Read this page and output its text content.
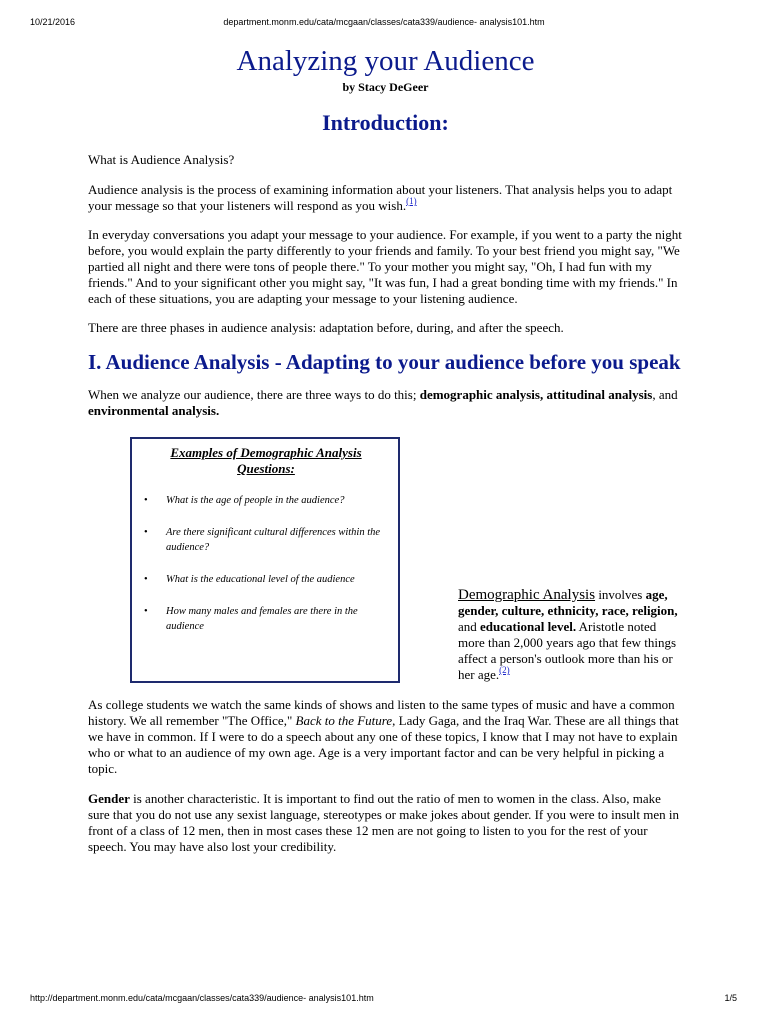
10/21/2016	department.monm.edu/cata/mcgaan/classes/cata339/audience- analysis101.htm
Analyzing your Audience
by Stacy DeGeer
Introduction:

What is Audience Analysis?

Audience analysis is the process of examining information about your listeners. That analysis helps you to adapt your message so that your listeners will respond as you wish.$^{(1)}$

In everyday conversations you adapt your message to your audience. For example, if you went to a party the night before, you would explain the party differently to your friends and family. To your best friend you might say, "We partied all night and there were tons of people there." To your mother you might say, "Oh, I had fun with my friends." And to your significant other you might say, "It was fun, I had a great bonding time with my friends." In each of these situations, you are adapting your message to your listening audience.

There are three phases in audience analysis: adaptation before, during, and after the speech.

I. Audience Analysis - Adapting to your audience before you speak

When we analyze our audience, there are three ways to do this; demographic analysis, attitudinal analysis, and environmental analysis.

Examples of Demographic Analysis Questions:
• What is the age of people in the audience?
• Are there significant cultural differences within the audience?
• What is the educational level of the audience
• How many males and females are there in the audience
Demographic Analysis involves age, gender, culture, ethnicity, race, religion, and educational level. Aristotle noted more than 2,000 years ago that few things affect a person's outlook more than his or her age.$^{(2)}$

As college students we watch the same kinds of shows and listen to the same types of music and have a common history. We all remember "The Office," Back to the Future, Lady Gaga, and the Iraq War. These are all things that we have in common. If I were to do a speech about any one of these topics, I know that I may not have to explain who or what to an audience of my own age. Age is a very important factor and can be very helpful in picking a topic.

Gender is another characteristic. It is important to find out the ratio of men to women in the class. Also, make sure that you do not use any sexist language, stereotypes or make jokes about gender. If you were to insult men in front of a class of 12 men, then in most cases these 12 men are not going to listen to you for the rest of your speech. You may have also lost your credibility.

http://department.monm.edu/cata/mcgaan/classes/cata339/audience- analysis101.htm	1/5
